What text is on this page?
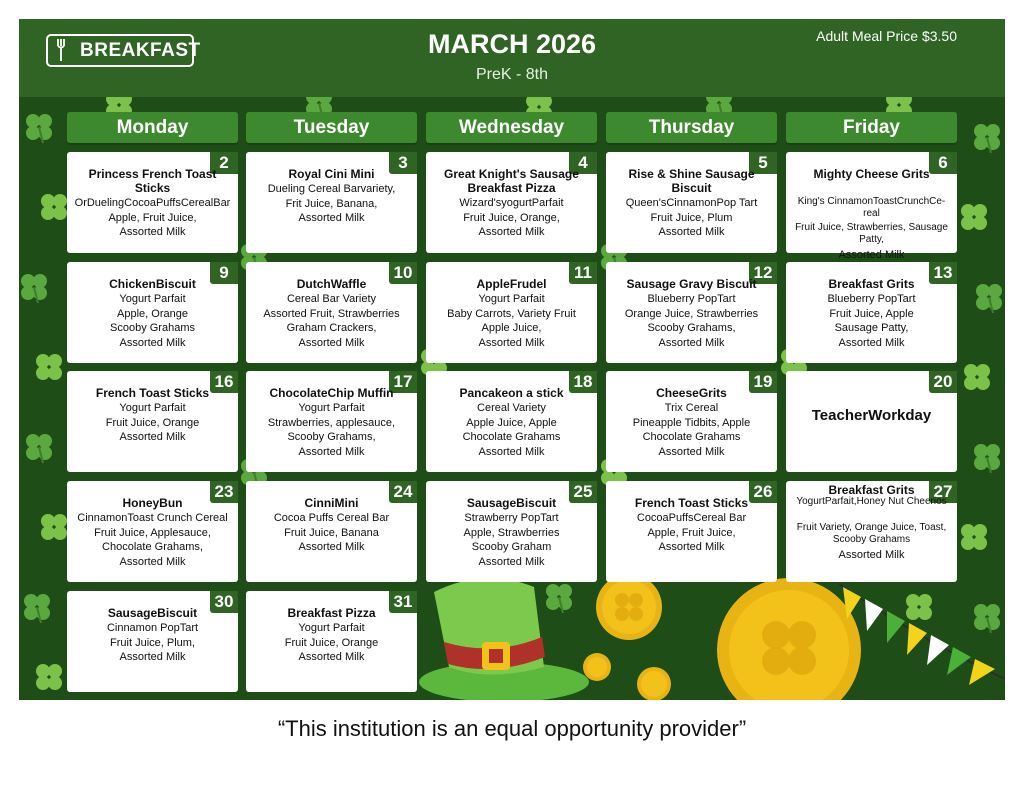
BREAKFAST	MARCH 2026
PreK - 8th
Adult Meal Price $3.50
Monday	Tuesday	Wednesday	Thursday	Friday
2
Princess French Toast Sticks
OrDuelingCocoaPuffsCerealBar
Apple, Fruit Juice,
Assorted Milk
3
Royal Cini Mini
Dueling Cereal Barvariety,
Frit Juice, Banana,
Assorted Milk
4
Great Knight's Sausage Breakfast Pizza
Wizard'syogurtParfait
Fruit Juice, Orange,
Assorted Milk
5
Rise & Shine Sausage Biscuit
Queen'sCinnamonPop Tart
Fruit Juice, Plum
Assorted Milk
6
Mighty Cheese Grits
King's CinnamonToastCrunchCe-real
Fruit Juice, Strawberries, Sausage Patty,
Assorted Milk
9
ChickenBiscuit
Yogurt Parfait
Apple, Orange
Scooby Grahams
Assorted Milk
10
DutchWaffle
Cereal Bar Variety
Assorted Fruit, Strawberries
Graham Crackers,
Assorted Milk
11
AppleFrudel
Yogurt Parfait
Baby Carrots, Variety Fruit
Apple Juice,
Assorted Milk
12
Sausage Gravy Biscuit
Blueberry PopTart
Orange Juice, Strawberries
Scooby Grahams,
Assorted Milk
13
Breakfast Grits
Blueberry PopTart
Fruit Juice, Apple
Sausage Patty,
Assorted Milk
16
French Toast Sticks
Yogurt Parfait
Fruit Juice, Orange
Assorted Milk
17
ChocolateChip Muffin
Yogurt Parfait
Strawberries, applesauce,
Scooby Grahams,
Assorted Milk
18
Pancakeon a stick
Cereal Variety
Apple Juice, Apple
Chocolate Grahams
Assorted Milk
19
CheeseGrits
Trix Cereal
Pineapple Tidbits, Apple
Chocolate Grahams
Assorted Milk
20
TeacherWorkday
23
HoneyBun
CinnamonToast Crunch Cereal
Fruit Juice, Applesauce,
Chocolate Grahams,
Assorted Milk
24
CinniMini
Cocoa Puffs Cereal Bar
Fruit Juice, Banana
Assorted Milk
25
SausageBiscuit
Strawberry PopTart
Apple, Strawberries
Scooby Graham
Assorted Milk
26
French Toast Sticks
CocoaPuffsCereal Bar
Apple, Fruit Juice,
Assorted Milk
27
Breakfast Grits
YogurtParfait,Honey Nut Cheerios
Fruit Variety, Orange Juice, Toast, Scooby Grahams
Assorted Milk
30
SausageBiscuit
Cinnamon PopTart
Fruit Juice, Plum,
Assorted Milk
31
Breakfast Pizza
Yogurt Parfait
Fruit Juice, Orange
Assorted Milk
“This institution is an equal opportunity provider”
